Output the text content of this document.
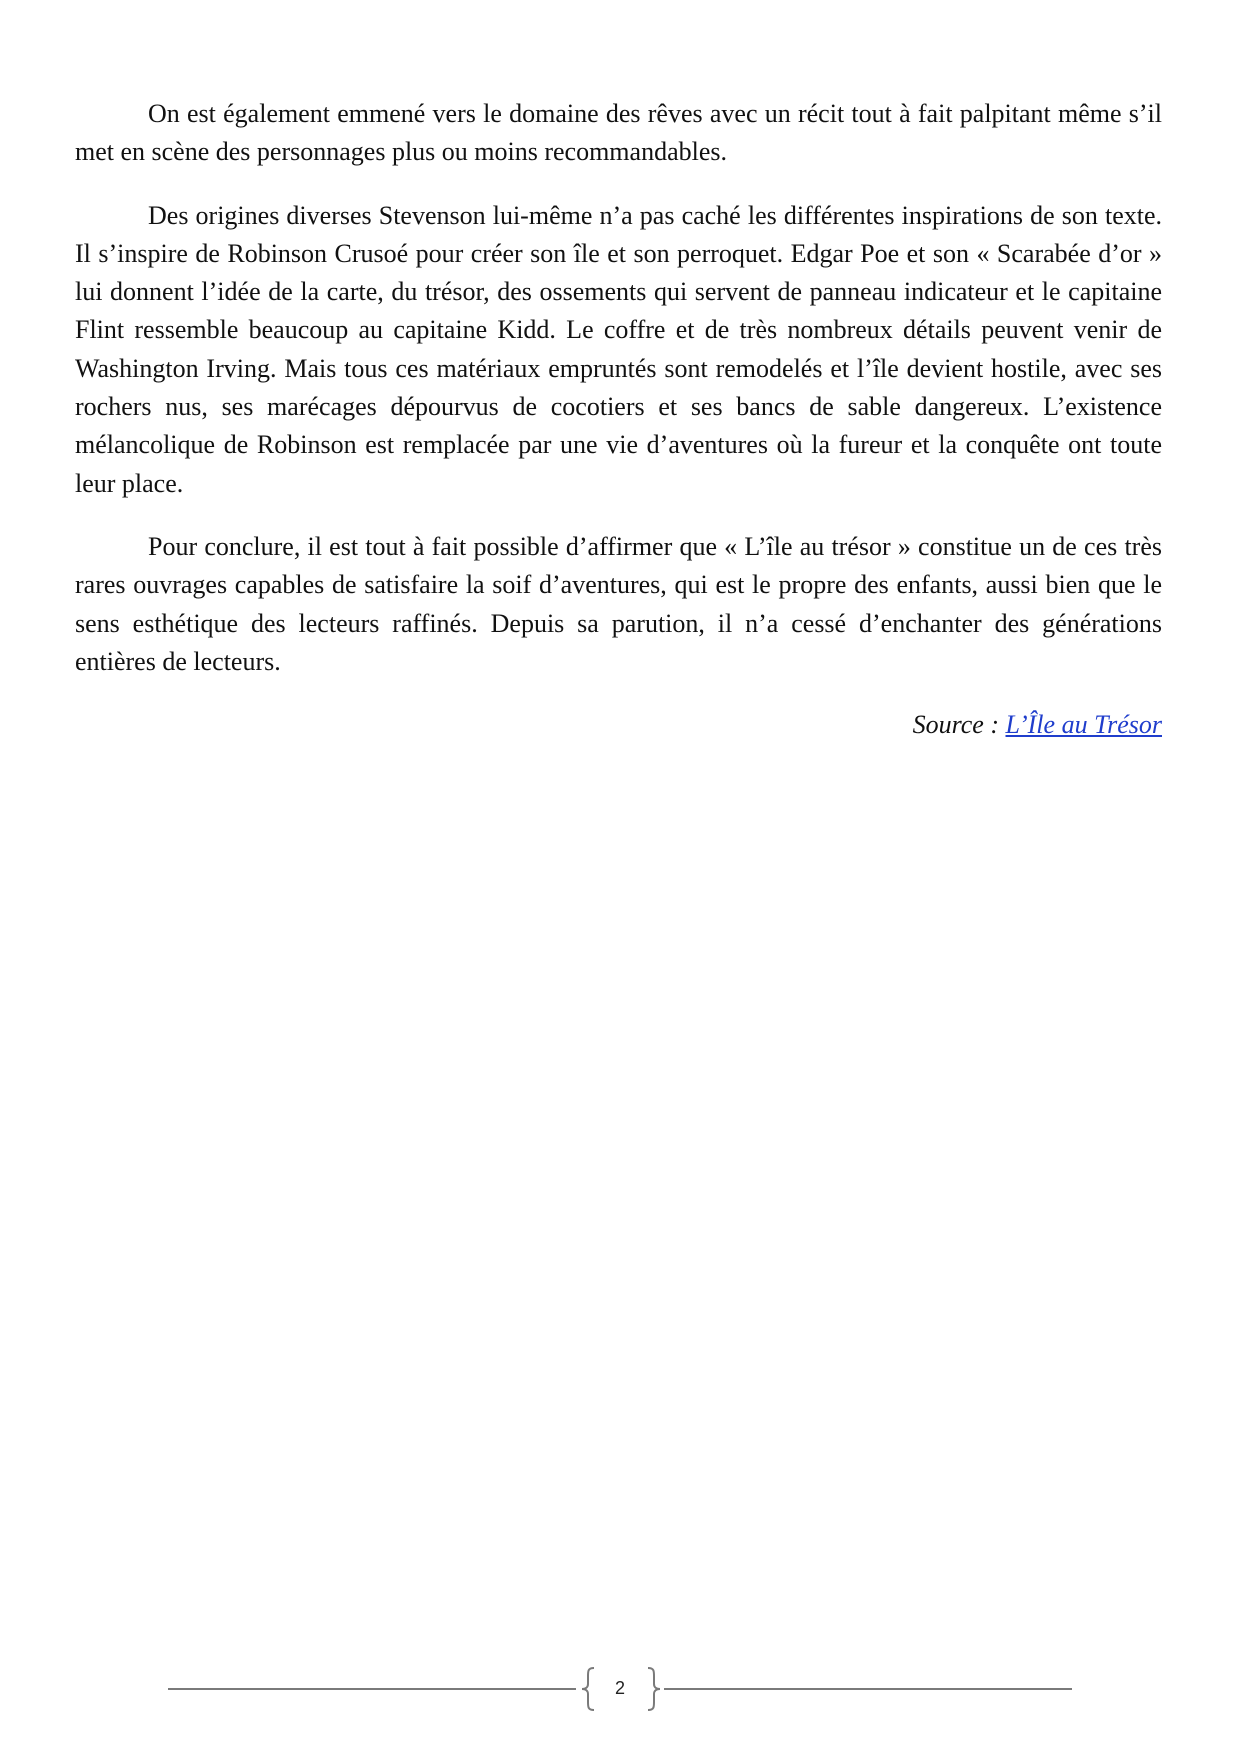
On est également emmené vers le domaine des rêves avec un récit tout à fait palpitant même s’il met en scène des personnages plus ou moins recommandables.

Des origines diverses Stevenson lui-même n’a pas caché les différentes inspirations de son texte. Il s’inspire de Robinson Crusoé pour créer son île et son perroquet. Edgar Poe et son « Scarabée d’or » lui donnent l’idée de la carte, du trésor, des ossements qui servent de panneau indicateur et le capitaine Flint ressemble beaucoup au capitaine Kidd. Le coffre et de très nombreux détails peuvent venir de Washington Irving. Mais tous ces matériaux empruntés sont remodelés et l’île devient hostile, avec ses rochers nus, ses marécages dépourvus de cocotiers et ses bancs de sable dangereux. L’existence mélancolique de Robinson est remplacée par une vie d’aventures où la fureur et la conquête ont toute leur place.

Pour conclure, il est tout à fait possible d’affirmer que « L’île au trésor » constitue un de ces très rares ouvrages capables de satisfaire la soif d’aventures, qui est le propre des enfants, aussi bien que le sens esthétique des lecteurs raffinés. Depuis sa parution, il n’a cessé d’enchanter des générations entières de lecteurs.

Source : L’Île au Trésor

2
